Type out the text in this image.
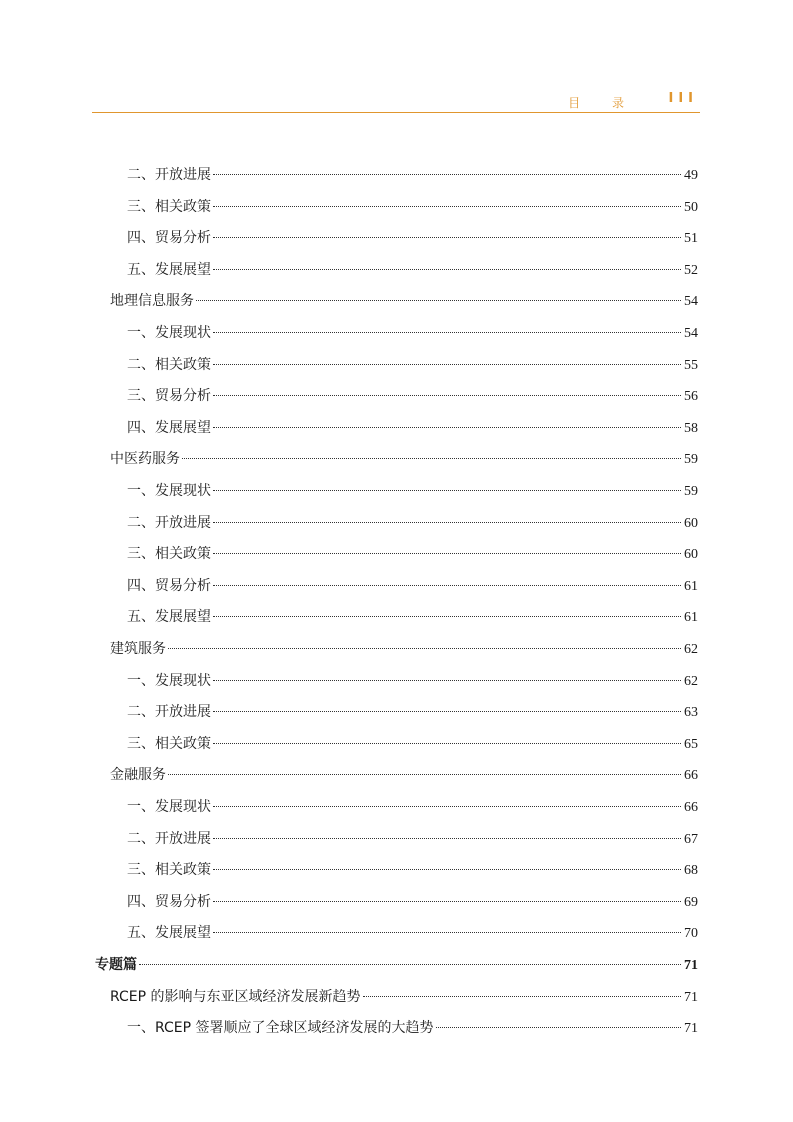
目 录 III
二、开放进展	49
三、相关政策	50
四、贸易分析	51
五、发展展望	52
地理信息服务	54
一、发展现状	54
二、相关政策	55
三、贸易分析	56
四、发展展望	58
中医药服务	59
一、发展现状	59
二、开放进展	60
三、相关政策	60
四、贸易分析	61
五、发展展望	61
建筑服务	62
一、发展现状	62
二、开放进展	63
三、相关政策	65
金融服务	66
一、发展现状	66
二、开放进展	67
三、相关政策	68
四、贸易分析	69
五、发展展望	70
专题篇	71
RCEP 的影响与东亚区域经济发展新趋势	71
一、RCEP 签署顺应了全球区域经济发展的大趋势	71
